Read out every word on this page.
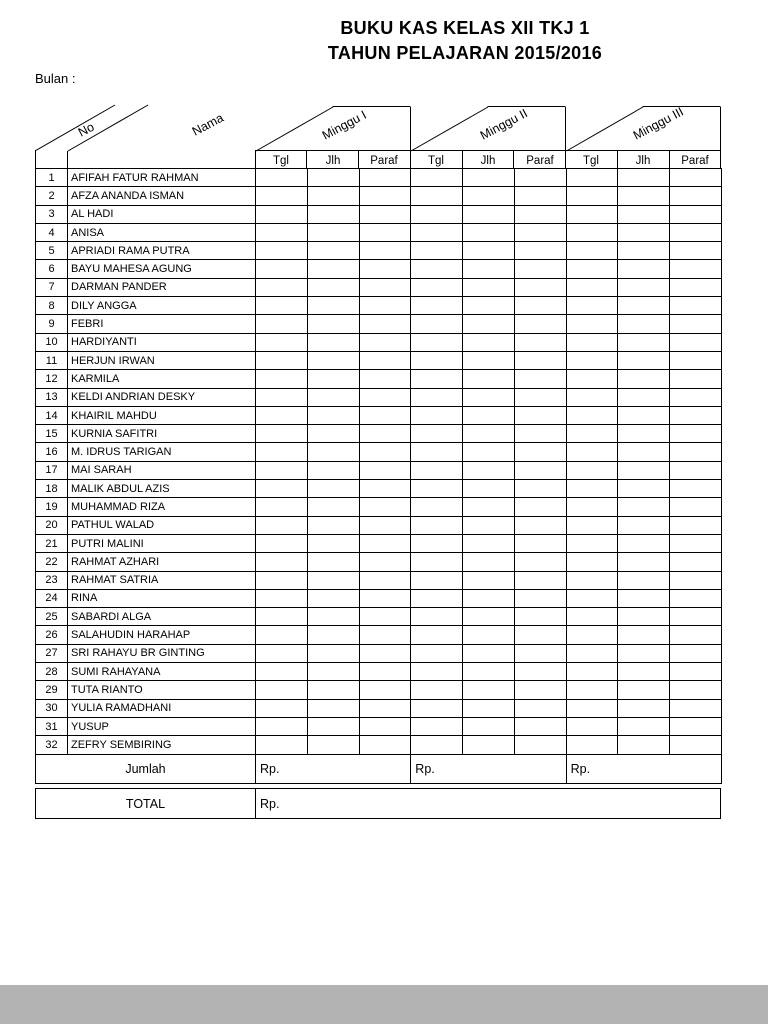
BUKU KAS KELAS XII TKJ 1
TAHUN PELAJARAN 2015/2016
Bulan :
No	Nama	Minggu I	Minggu II	Minggu III
Tgl	Jlh	Paraf	Tgl	Jlh	Paraf	Tgl	Jlh	Paraf
1	AFIFAH FATUR RAHMAN									
2	AFZA ANANDA ISMAN									
3	AL HADI									
4	ANISA									
5	APRIADI RAMA PUTRA									
6	BAYU MAHESA AGUNG									
7	DARMAN PANDER									
8	DILY ANGGA									
9	FEBRI									
10	HARDIYANTI									
11	HERJUN IRWAN									
12	KARMILA									
13	KELDI ANDRIAN DESKY									
14	KHAIRIL MAHDU									
15	KURNIA SAFITRI									
16	M. IDRUS TARIGAN									
17	MAI SARAH									
18	MALIK ABDUL AZIS									
19	MUHAMMAD RIZA									
20	PATHUL WALAD									
21	PUTRI MALINI									
22	RAHMAT AZHARI									
23	RAHMAT SATRIA									
24	RINA									
25	SABARDI ALGA									
26	SALAHUDIN HARAHAP									
27	SRI RAHAYU BR GINTING									
28	SUMI RAHAYANA									
29	TUTA RIANTO									
30	YULIA RAMADHANI									
31	YUSUP									
32	ZEFRY SEMBIRING									
Jumlah		Rp.			Rp.			Rp.		
TOTAL	Rp.
